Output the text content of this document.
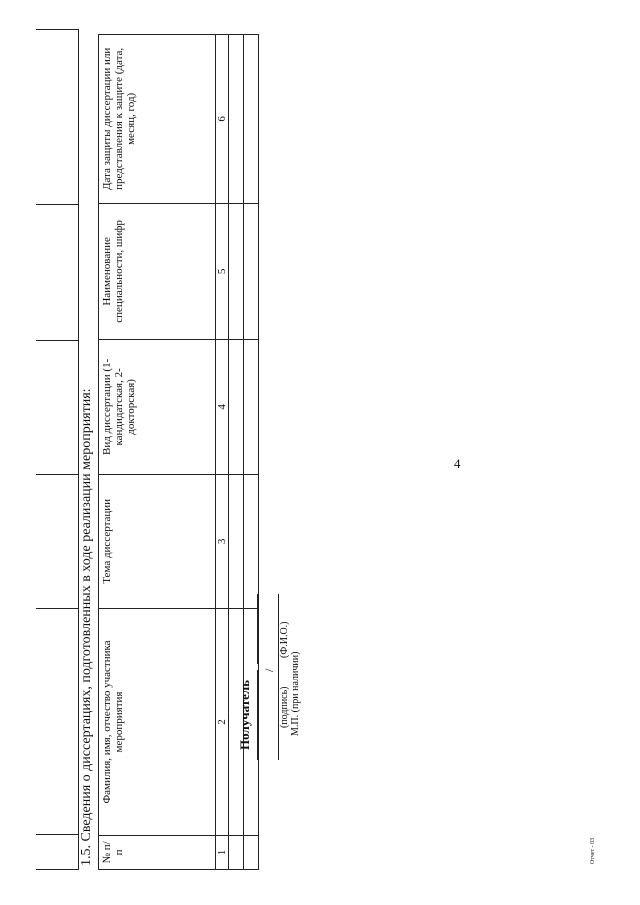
4
Отчет - 03
1.5. Сведения о диссертациях, подготовленных в ходе реализации мероприятия: № п/п	Фамилия, имя, отчество участника мероприятия	Тема диссертации	Вид диссертации (1-кандидатская, 2-докторская)	Наименование специальности, шифр	Дата защиты диссертации или представления к защите (дата, месяц, год)
1	2	3	4	5	6

Получатель
/
(подпись)
(Ф.И.О.)
М.П. (при наличии)
